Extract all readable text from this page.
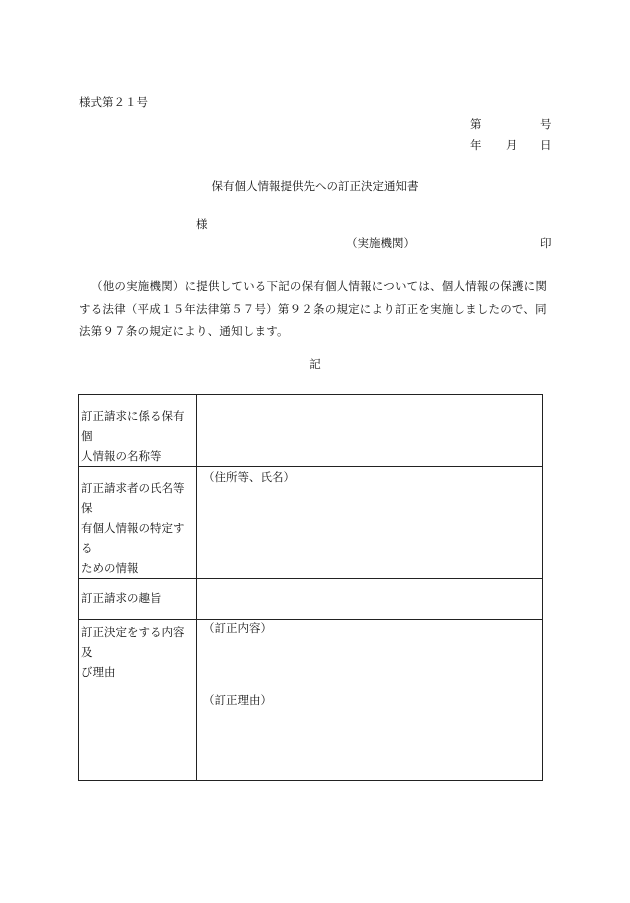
様式第２１号
第	号
年 月 日
保有個人情報提供先への訂正決定通知書
様
（実施機関）	印
（他の実施機関）に提供している下記の保有個人情報については、個人情報の保護に関
する法律（平成１５年法律第５７号）第９２条の規定により訂正を実施しましたので、同
法第９７条の規定により、通知します。
記
訂正請求に係る保有個
人情報の名称等	

訂正請求者の氏名等保
有個人情報の特定する
ための情報	（住所等、氏名）

訂正請求の趣旨	

訂正決定をする内容及
び理由	（訂正内容）
（訂正理由）
